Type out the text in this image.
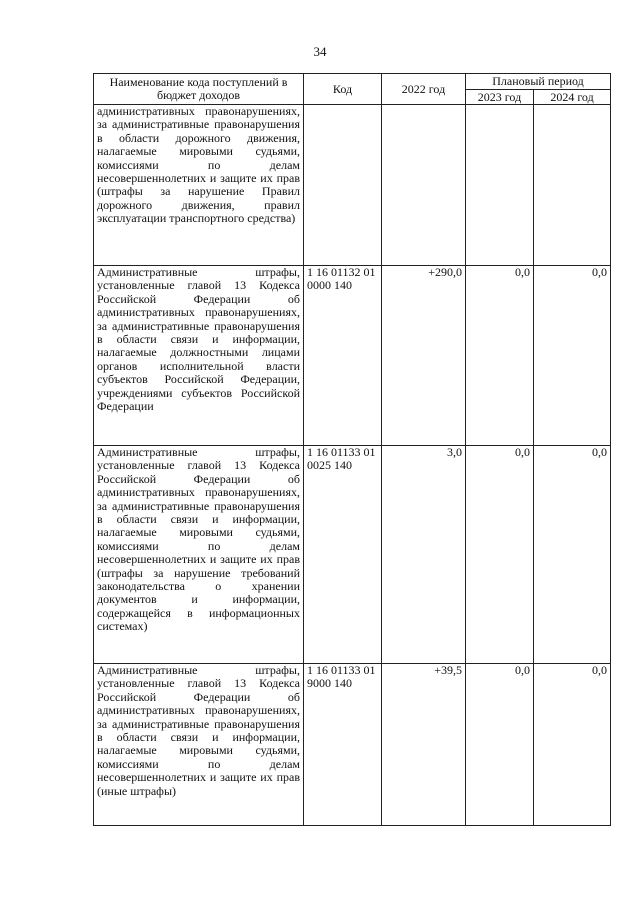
34
Наименование кода поступлений в бюджет доходов	Код	2022 год	Плановый период	
			2023 год	2024 год
административных правонарушениях, за административные правонарушения в области дорожного движения, налагаемые мировыми судьями, комиссиями по делам несовершеннолетних и защите их прав (штрафы за нарушение Правил дорожного движения, правил эксплуатации транспортного средства)				
Административные штрафы, установленные главой 13 Кодекса Российской Федерации об административных правонарушениях, за административные правонарушения в области связи и информации, налагаемые должностными лицами органов исполнительной власти субъектов Российской Федерации, учреждениями субъектов Российской Федерации	1 16 01132 01 0000 140	+290,0	0,0	0,0
Административные штрафы, установленные главой 13 Кодекса Российской Федерации об административных правонарушениях, за административные правонарушения в области связи и информации, налагаемые мировыми судьями, комиссиями по делам несовершеннолетних и защите их прав (штрафы за нарушение требований законодательства о хранении документов и информации, содержащейся в информационных системах)	1 16 01133 01 0025 140	3,0	0,0	0,0
Административные штрафы, установленные главой 13 Кодекса Российской Федерации об административных правонарушениях, за административные правонарушения в области связи и информации, налагаемые мировыми судьями, комиссиями по делам несовершеннолетних и защите их прав (иные штрафы)	1 16 01133 01 9000 140	+39,5	0,0	0,0
